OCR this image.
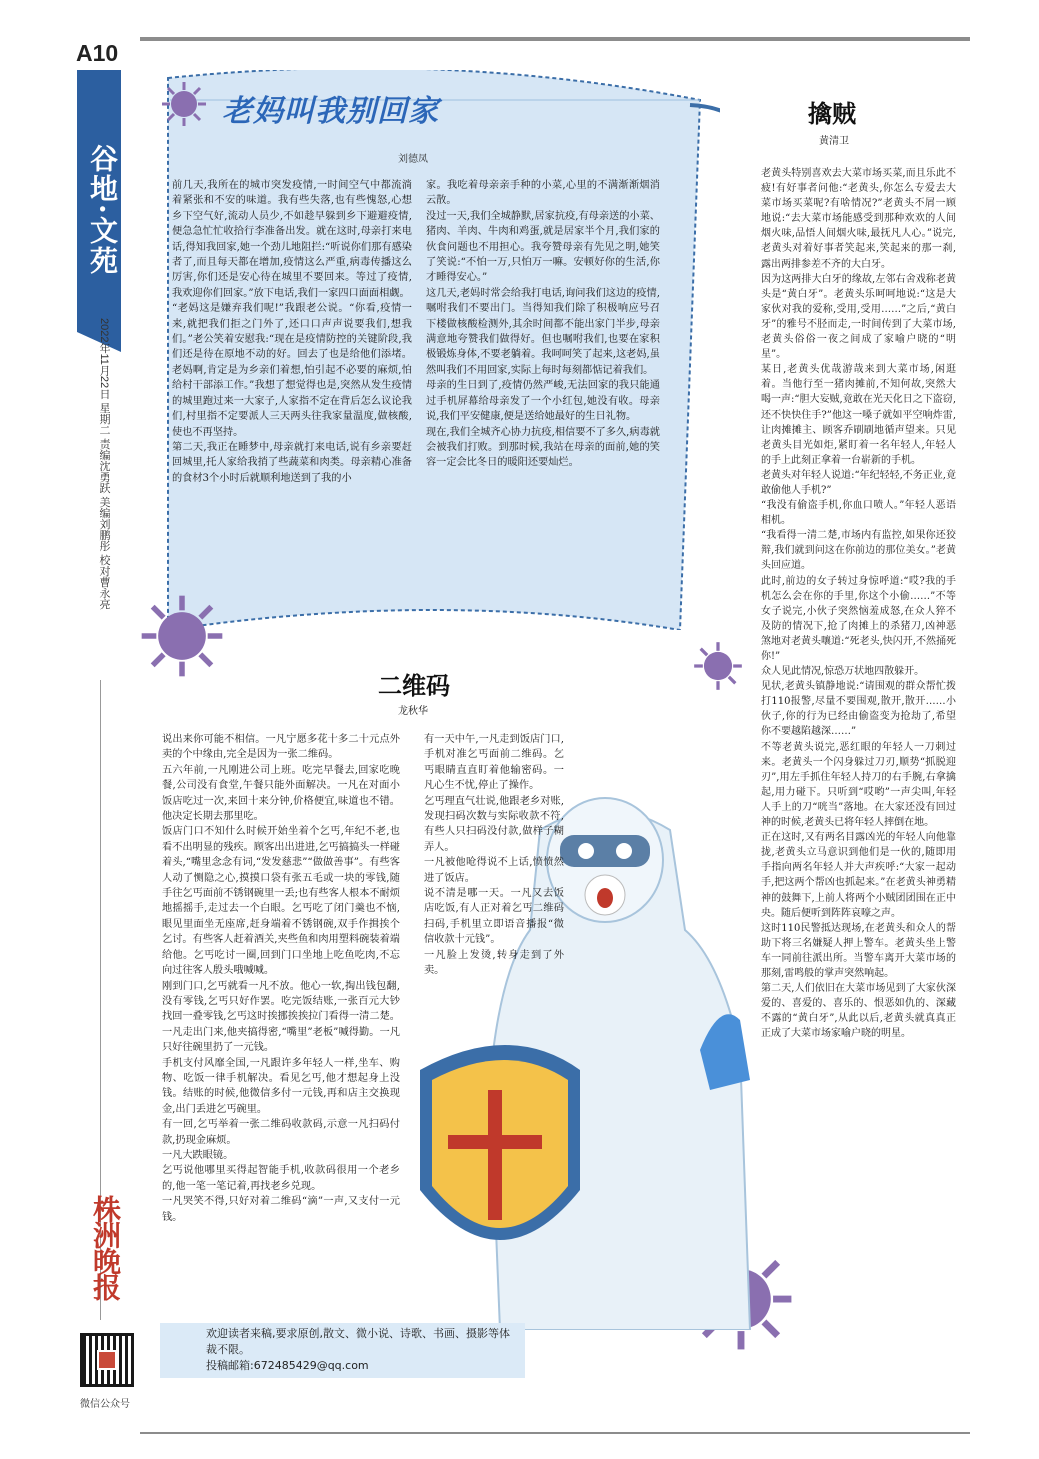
A10
谷地·文苑
2022年11月22日 星期二 责编沈勇跃 美编刘鹏彤 校对曹永亮
株洲晚报
微信公众号
老妈叫我别回家
刘德凤
前几天,我所在的城市突发疫情,一时间空气中都流淌着紧张和不安的味道。我有些失落,也有些愧怒,心想乡下空气好,流动人员少,不如趁早躲到乡下避避疫情,便急急忙忙收拾行李准备出发。就在这时,母亲打来电话,得知我回家,她一个劲儿地阻拦:“听说你们那有感染者了,而且每天都在增加,疫情这么严重,病毒传播这么厉害,你们还是安心待在城里不要回来。等过了疫情,我欢迎你们回家。”放下电话,我们一家四口面面相觑。
“老妈这是嫌弃我们呢!”我跟老公说。“你看,疫情一来,就把我们拒之门外了,还口口声声说要我们,想我们。”老公笑着安慰我:“现在是疫情防控的关键阶段,我们还是待在原地不动的好。回去了也是给他们添堵。老妈啊,肯定是为乡亲们着想,怕引起不必要的麻烦,怕给村干部添工作。”我想了想觉得也是,突然从发生疫情的城里跑过来一大家子,人家指不定在背后怎么议论我们,村里指不定要派人三天两头往我家量温度,做核酸,使也不再坚持。
第二天,我正在睡梦中,母亲就打来电话,说有乡亲要赶回城里,托人家给我捎了些蔬菜和肉类。母亲精心准备的食材3个小时后就顺利地送到了我的小
家。我吃着母亲亲手种的小菜,心里的不满渐渐烟消云散。
没过一天,我们全城静默,居家抗疫,有母亲送的小菜、猪肉、羊肉、牛肉和鸡蛋,就是居家半个月,我们家的伙食问题也不用担心。我夸赞母亲有先见之明,她笑了笑说:“不怕一万,只怕万一嘛。安顿好你的生活,你才睡得安心。”
这几天,老妈时常会给我打电话,询问我们这边的疫情,嘱咐我们不要出门。当得知我们除了积极响应号召下楼做核酸检测外,其余时间都不能出家门半步,母亲满意地夸赞我们做得好。但也嘱咐我们,也要在家积极锻炼身体,不要老躺着。我呵呵笑了起来,这老妈,虽然叫我们不用回家,实际上每时每刻都惦记着我们。
母亲的生日到了,疫情仍然严峻,无法回家的我只能通过手机屏幕给母亲发了一个小红包,她没有收。母亲说,我们平安健康,便是送给她最好的生日礼物。
现在,我们全城齐心协力抗疫,相信要不了多久,病毒就会被我们打败。到那时候,我站在母亲的面前,她的笑容一定会比冬日的暖阳还要灿烂。
擒贼
黄清卫
老黄头特别喜欢去大菜市场买菜,而且乐此不疲!有好事者问他:“老黄头,你怎么专爱去大菜市场买菜呢?有啥情况?”老黄头不屑一顾地说:“去大菜市场能感受到那种欢欢的人间烟火味,品悟人间烟火味,最抚凡人心。”说完,老黄头对着好事者笑起来,笑起来的那一刹,露出两排参差不齐的大白牙。
因为这两排大白牙的缘故,左邻右舍戏称老黄头是“黄白牙”。老黄头乐呵呵地说:“这是大家伙对我的爱称,受用,受用……”之后,“黄白牙”的雅号不胫而走,一时间传到了大菜市场,老黄头俗俗一夜之间成了家喻户晓的“明星”。
某日,老黄头优哉游哉来到大菜市场,闲逛着。当他行至一猪肉摊前,不知何故,突然大喝一声:“胆大妄贼,竟敢在光天化日之下盗窃,还不快快住手?”他这一嗓子就如平空响炸雷,让肉摊摊主、顾客乔刷刷地循声望来。只见老黄头目光如炬,紧盯着一名年轻人,年轻人的手上此刻正拿着一台崭新的手机。
老黄头对年轻人说道:“年纪轻轻,不务正业,竟敢偷他人手机?”
“我没有偷盗手机,你血口喷人。”年轻人恶语相机。
“我看得一清二楚,市场内有监控,如果你还狡辩,我们就到问这在你前边的那位美女。”老黄头回应道。
此时,前边的女子转过身惊呼道:“哎?我的手机怎么会在你的手里,你这个小偷……”不等女子说完,小伙子突然恼羞成怒,在众人猝不及防的情况下,抢了肉摊上的杀猪刀,凶神恶煞地对老黄头嚷道:“死老头,快闪开,不然捅死你!”
众人见此情况,惊恐万状地四散躲开。
见状,老黄头镇静地说:“请围观的群众帮忙拨打110报警,尽量不要围观,散开,散开……小伙子,你的行为已经由偷盗变为抢劫了,希望你不要越陷越深……”
不等老黄头说完,恶红眼的年轻人一刀刺过来。老黄头一个闪身躲过刀刃,顺势“抓脱迎刃”,用左手抓住年轻人持刀的右手腕,右拿擒起,用力碰下。只听到“哎哟”一声尖叫,年轻人手上的刀“咣当”落地。在大家还没有回过神的时候,老黄头已将年轻人摔倒在地。
正在这时,又有两名目露凶光的年轻人向他靠拢,老黄头立马意识到他们是一伙的,随即用手指向两名年轻人并大声疾呼:“大家一起动手,把这两个帮凶也抓起来。”在老黄头神勇精神的鼓舞下,上前人将两个小贼团团围在正中央。随后便听到阵阵哀嚎之声。
这时110民警抵达现场,在老黄头和众人的帮助下将三名嫌疑人押上警车。老黄头坐上警车一同前往派出所。当警车离开大菜市场的那刻,雷鸣般的掌声突然响起。
第二天,人们依旧在大菜市场见到了大家伙深爱的、喜爱的、喜乐的、恨恶如仇的、深藏不露的“黄白牙”,从此以后,老黄头就真真正正成了大菜市场家喻户晓的明星。
二维码
龙秋华
说出来你可能不相信。一凡宁愿多花十多二十元点外卖的个中缘由,完全是因为一张二维码。
五六年前,一凡刚进公司上班。吃完早餐去,回家吃晚餐,公司没有食堂,午餐只能外面解决。一凡在对面小饭店吃过一次,来回十来分钟,价格便宜,味道也不错。他决定长期去那里吃。
饭店门口不知什么时候开始坐着个乞丐,年纪不老,也看不出明显的残疾。顾客出出进进,乞丐搞搞头一样碰着头,“嘴里念念有词,“发发慈悲”“做做善事”。有些客人动了恻隐之心,摸摸口袋有张五毛或一块的零钱,随手往乞丐面前不锈钢碗里一丢;也有些客人根本不耐烦地摇摇手,走过去一个白眼。乞丐吃了闭门羹也不恼,眼见里面坐无座席,赶身端着不锈钢碗,双手作揖挨个乞讨。有些客人赶着酒关,夹些鱼和肉用塑料碗装着端给他。乞丐吃讨一圈,回到门口坐地上吃鱼吃肉,不忘向过往客人殷头哦喊喊。
刚到门口,乞丐就看一凡不放。他心一软,掏出钱包翻,没有零钱,乞丐只好作罢。吃完饭结账,一张百元大钞找回一叠零钱,乞丐这时挨挪挨挨拉门看得一清二楚。一凡走出门来,他夹搞得密,“嘴里”老板”喊得勤。一凡只好往碗里扔了一元钱。
手机支付风靡全国,一凡跟许多年轻人一样,坐车、购物、吃饭一律手机解决。看见乞丐,他才想起身上没钱。结账的时候,他微信多付一元钱,再和店主交换现金,出门丢进乞丐碗里。
有一回,乞丐举着一张二维码收款码,示意一凡扫码付款,扔现金麻烦。
一凡大跌眼镜。
乞丐说他哪里买得起智能手机,收款码很用一个老乡的,他一笔一笔记着,再找老乡兑现。
一凡哭笑不得,只好对着二维码“滴”一声,又支付一元钱。
有一天中午,一凡走到饭店门口,手机对准乞丐面前二维码。乞丐眼睛直直盯着他输密码。一凡心生不忧,停止了操作。
乞丐理直气壮说,他跟老乡对账,发现扫码次数与实际收款不符,有些人只扫码没付款,做样子糊弄人。
一凡被他呛得说不上话,愤愤然进了饭店。
说不清是哪一天。一凡又去饭店吃饭,有人正对着乞丐二维码扫码,手机里立即语音播报“微信收款十元钱”。
一凡脸上发烫,转身走到了外卖。
欢迎读者来稿,要求原创,散文、微小说、诗歌、书画、摄影等体裁不限。
投稿邮箱:672485429@qq.com
